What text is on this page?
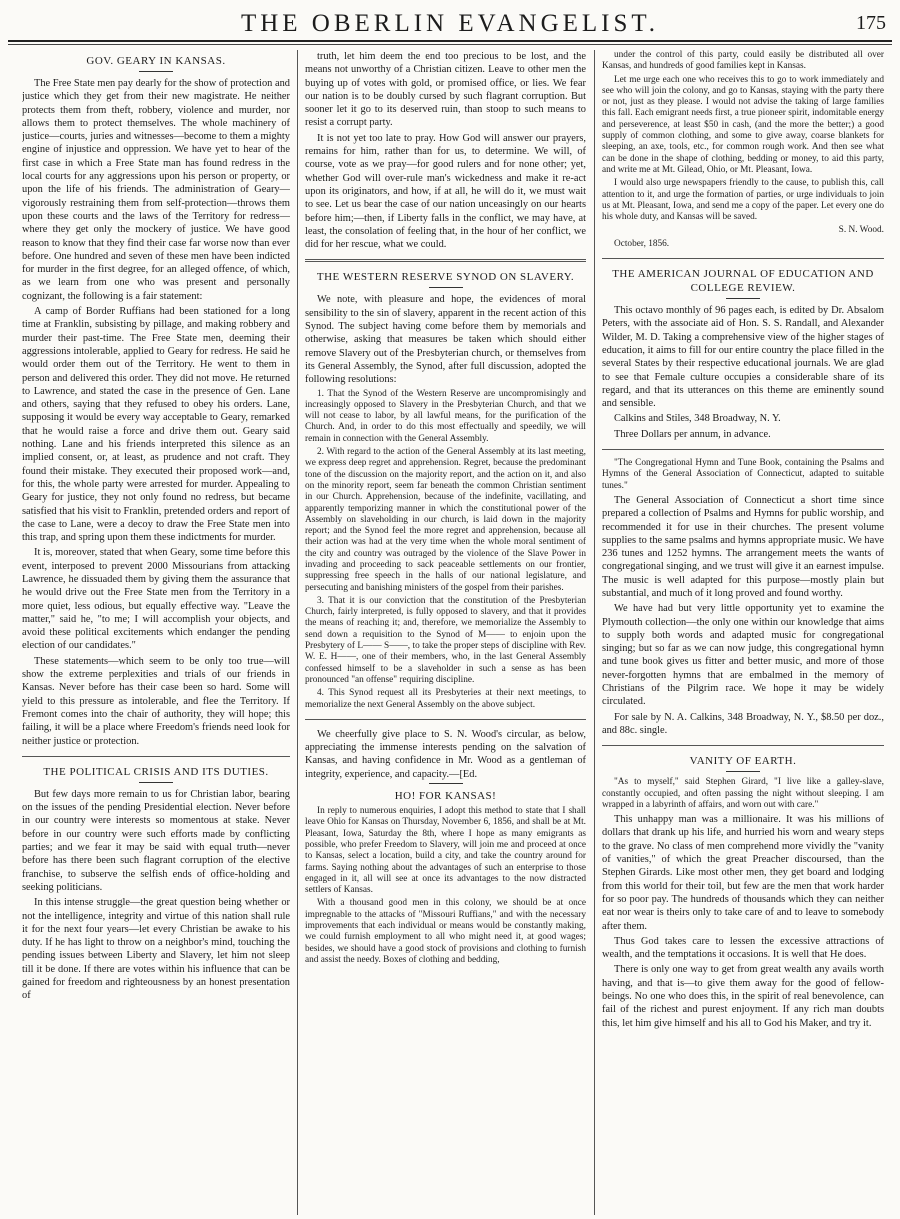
THE OBERLIN EVANGELIST.	175
GOV. GEARY IN KANSAS.

The Free State men pay dearly for the show of protection and justice which they get from their new magistrate. He neither protects them from theft, robbery, violence and murder, nor allows them to protect themselves. The whole machinery of justice—courts, juries and witnesses—become to them a mighty engine of injustice and oppression. We have yet to hear of the first case in which a Free State man has found redress in the local courts for any aggressions upon his person or property, or upon the life of his friends. The administration of Geary—vigorously restraining them from self-protection—throws them upon these courts and the laws of the Territory for redress—where they get only the mockery of justice. We have good reason to know that they find their case far worse now than ever before. One hundred and seven of these men have been indicted for murder in the first degree, for an alleged offence, of which, as we learn from one who was present and personally cognizant, the following is a fair statement:

A camp of Border Ruffians had been stationed for a long time at Franklin, subsisting by pillage, and making robbery and murder their past-time. The Free State men, deeming their aggressions intolerable, applied to Geary for redress. He said he would order them out of the Territory. He went to them in person and delivered this order. They did not move. He returned to Lawrence, and stated the case in the presence of Gen. Lane and others, saying that they refused to obey his orders. Lane, supposing it would be every way acceptable to Geary, remarked that he would raise a force and drive them out. Geary said nothing. Lane and his friends interpreted this silence as an implied consent, or, at least, as prudence and not craft. They found their mistake. They executed their proposed work—and, for this, the whole party were arrested for murder. Appealing to Geary for justice, they not only found no redress, but became satisfied that his visit to Franklin, pretended orders and report of the case to Lane, were a decoy to draw the Free State men into this trap, and spring upon them these indictments for murder.

It is, moreover, stated that when Geary, some time before this event, interposed to prevent 2000 Missourians from attacking Lawrence, he dissuaded them by giving them the assurance that he would drive out the Free State men from the Territory in a more quiet, less odious, but equally effective way. "Leave the matter," said he, "to me; I will accomplish your objects, and avoid these political excitements which endanger the pending election of our candidates."

These statements—which seem to be only too true—will show the extreme perplexities and trials of our friends in Kansas. Never before has their case been so hard. Some will yield to this pressure as intolerable, and flee the Territory. If Fremont comes into the chair of authority, they will hope; this failing, it will be a place where Freedom's friends need look for neither justice or protection.

THE POLITICAL CRISIS AND ITS DUTIES.

But few days more remain to us for Christian labor, bearing on the issues of the pending Presidential election. Never before in our country were interests so momentous at stake. Never before in our country were such efforts made by conflicting parties; and we fear it may be said with equal truth—never before has there been such flagrant corruption of the elective franchise, to subserve the selfish ends of office-holding and seeking politicians.

In this intense struggle—the great question being whether or not the intelligence, integrity and virtue of this nation shall rule it for the next four years—let every Christian be awake to his duty. If he has light to throw on a neighbor's mind, touching the pending issues between Liberty and Slavery, let him not sleep till it be done. If there are votes within his influence that can be gained for freedom and righteousness by an honest presentation of

truth, let him deem the end too precious to be lost, and the means not unworthy of a Christian citizen. Leave to other men the buying up of votes with gold, or promised office, or lies. We fear our nation is to be doubly cursed by such flagrant corruption. But sooner let it go to its deserved ruin, than stoop to such means to resist a corrupt party.

It is not yet too late to pray. How God will answer our prayers, remains for him, rather than for us, to determine. We will, of course, vote as we pray—for good rulers and for none other; yet, whether God will over-rule man's wickedness and make it re-act upon its originators, and how, if at all, he will do it, we must wait to see. Let us bear the case of our nation unceasingly on our hearts before him;—then, if Liberty falls in the conflict, we may have, at least, the consolation of feeling that, in the hour of her conflict, we did for her rescue, what we could.

THE WESTERN RESERVE SYNOD ON SLAVERY.

We note, with pleasure and hope, the evidences of moral sensibility to the sin of slavery, apparent in the recent action of this Synod. The subject having come before them by memorials and otherwise, asking that measures be taken which should either remove Slavery out of the Presbyterian church, or themselves from its General Assembly, the Synod, after full discussion, adopted the following resolutions:

1. That the Synod of the Western Reserve are uncompromisingly and increasingly opposed to Slavery in the Presbyterian Church, and that we will not cease to labor, by all lawful means, for the purification of the Church. And, in order to do this most effectually and speedily, we will remain in connection with the General Assembly.

2. With regard to the action of the General Assembly at its last meeting, we express deep regret and apprehension. Regret, because the predominant tone of the discussion on the majority report, and the action on it, and also on the minority report, seem far beneath the common Christian sentiment in our Church. Apprehension, because of the indefinite, vacillating, and apparently temporizing manner in which the constitutional power of the Assembly on slaveholding in our church, is laid down in the majority report; and the Synod feel the more regret and apprehension, because all their action was had at the very time when the whole moral sentiment of the city and country was outraged by the violence of the Slave Power in invading and proceeding to sack peaceable settlements on our frontier, suppressing free speech in the halls of our national legislature, and persecuting and banishing ministers of the gospel from their parishes.

3. That it is our conviction that the constitution of the Presbyterian Church, fairly interpreted, is fully opposed to slavery, and that it provides the means of reaching it; and, therefore, we memorialize the Assembly to send down a requisition to the Synod of M—— to enjoin upon the Presbytery of L—— S——, to take the proper steps of discipline with Rev. W. E. H——, one of their members, who, in the last General Assembly confessed himself to be a slaveholder in such a sense as has been pronounced "an offense" requiring discipline.

4. This Synod request all its Presbyteries at their next meetings, to memorialize the next General Assembly on the above subject.

We cheerfully give place to S. N. Wood's circular, as below, appreciating the immense interests pending on the salvation of Kansas, and having confidence in Mr. Wood as a gentleman of integrity, experience, and capacity.—[Ed.

HO! FOR KANSAS!

In reply to numerous enquiries, I adopt this method to state that I shall leave Ohio for Kansas on Thursday, November 6, 1856, and shall be at Mt. Pleasant, Iowa, Saturday the 8th, where I hope as many emigrants as possible, who prefer Freedom to Slavery, will join me and proceed at once to Kansas, select a location, build a city, and take the country around for farms. Saying nothing about the advantages of such an enterprise to those engaged in it, all will see at once its advantages to the now distracted settlers of Kansas.

With a thousand good men in this colony, we should be at once impregnable to the attacks of "Missouri Ruffians," and with the necessary improvements that each individual or means would be constantly making, we could furnish employment to all who might need it, at good wages; besides, we should have a good stock of provisions and clothing to furnish and assist the needy. Boxes of clothing and bedding,

under the control of this party, could easily be distributed all over Kansas, and hundreds of good families kept in Kansas.

Let me urge each one who receives this to go to work immediately and see who will join the colony, and go to Kansas, staying with the party there or not, just as they please. I would not advise the taking of large families this fall. Each emigrant needs first, a true pioneer spirit, indomitable energy and perseverence, at least $50 in cash, (and the more the better;) a good supply of common clothing, and some to give away, coarse blankets for sleeping, an axe, tools, etc., for common rough work. And then see what can be done in the shape of clothing, bedding or money, to aid this party, and write me at Mt. Gilead, Ohio, or Mt. Pleasant, Iowa.

I would also urge newspapers friendly to the cause, to publish this, call attention to it, and urge the formation of parties, or urge individuals to join us at Mt. Pleasant, Iowa, and send me a copy of the paper. Let every one do his whole duty, and Kansas will be saved.

S. N. Wood.

October, 1856.

THE AMERICAN JOURNAL OF EDUCATION AND COLLEGE REVIEW.

This octavo monthly of 96 pages each, is edited by Dr. Absalom Peters, with the associate aid of Hon. S. S. Randall, and Alexander Wilder, M. D. Taking a comprehensive view of the higher stages of education, it aims to fill for our entire country the place filled in the several States by their respective educational journals. We are glad to see that Female culture occupies a considerable share of its regard, and that its utterances on this theme are eminently sound and sensible.

Calkins and Stiles, 348 Broadway, N. Y.

Three Dollars per annum, in advance.

"The Congregational Hymn and Tune Book, containing the Psalms and Hymns of the General Association of Connecticut, adapted to suitable tunes."

The General Association of Connecticut a short time since prepared a collection of Psalms and Hymns for public worship, and recommended it for use in their churches. The present volume supplies to the same psalms and hymns appropriate music. We have 236 tunes and 1252 hymns. The arrangement meets the wants of congregational singing, and we trust will give it an earnest impulse. The music is well adapted for this purpose—mostly plain but substantial, and much of it long proved and found worthy.

We have had but very little opportunity yet to examine the Plymouth collection—the only one within our knowledge that aims to supply both words and adapted music for congregational singing; but so far as we can now judge, this congregational hymn and tune book gives us fitter and better music, and more of those never-forgotten hymns that are embalmed in the memory of Christians of the Pilgrim race. We hope it may be widely circulated.

For sale by N. A. Calkins, 348 Broadway, N. Y., $8.50 per doz., and 88c. single.

VANITY OF EARTH.

"As to myself," said Stephen Girard, "I live like a galley-slave, constantly occupied, and often passing the night without sleeping. I am wrapped in a labyrinth of affairs, and worn out with care."

This unhappy man was a millionaire. It was his millions of dollars that drank up his life, and hurried his worn and weary steps to the grave. No class of men comprehend more vividly the "vanity of vanities," of which the great Preacher discoursed, than the Stephen Girards. Like most other men, they get board and lodging from this world for their toil, but few are the men that work harder for so poor pay. The hundreds of thousands which they can neither eat nor wear is theirs only to take care of and to leave to somebody after them.

Thus God takes care to lessen the excessive attractions of wealth, and the temptations it occasions. It is well that He does.

There is only one way to get from great wealth any avails worth having, and that is—to give them away for the good of fellow-beings. No one who does this, in the spirit of real benevolence, can fail of the richest and purest enjoyment. If any rich man doubts this, let him give himself and his all to God his Maker, and try it.
